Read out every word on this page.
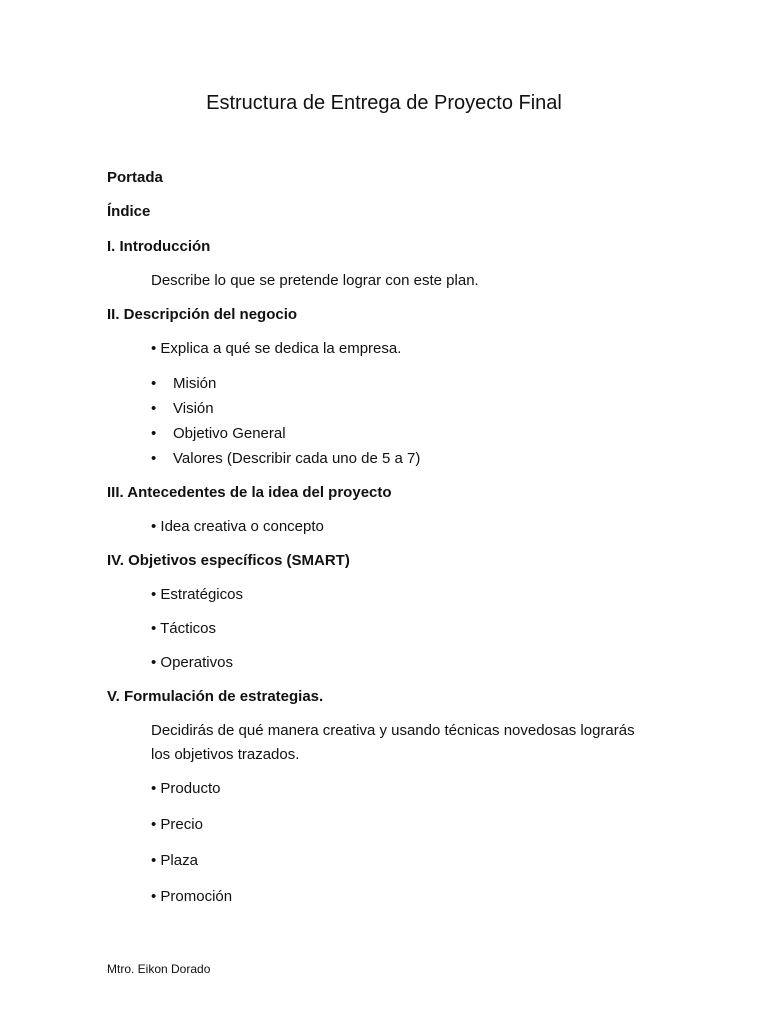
Estructura de Entrega de Proyecto Final
Portada
Índice
I. Introducción
Describe lo que se pretende lograr con este plan.
II. Descripción del negocio
• Explica a qué se dedica la empresa.
• Misión
• Visión
• Objetivo General
• Valores (Describir cada uno de 5 a 7)
III. Antecedentes de la idea del proyecto
• Idea creativa o concepto
IV. Objetivos específicos (SMART)
• Estratégicos
• Tácticos
• Operativos
V. Formulación de estrategias.
Decidirás de qué manera creativa y usando técnicas novedosas lograrás
los objetivos trazados.
• Producto
• Precio
• Plaza
• Promoción
Mtro. Eikon Dorado
